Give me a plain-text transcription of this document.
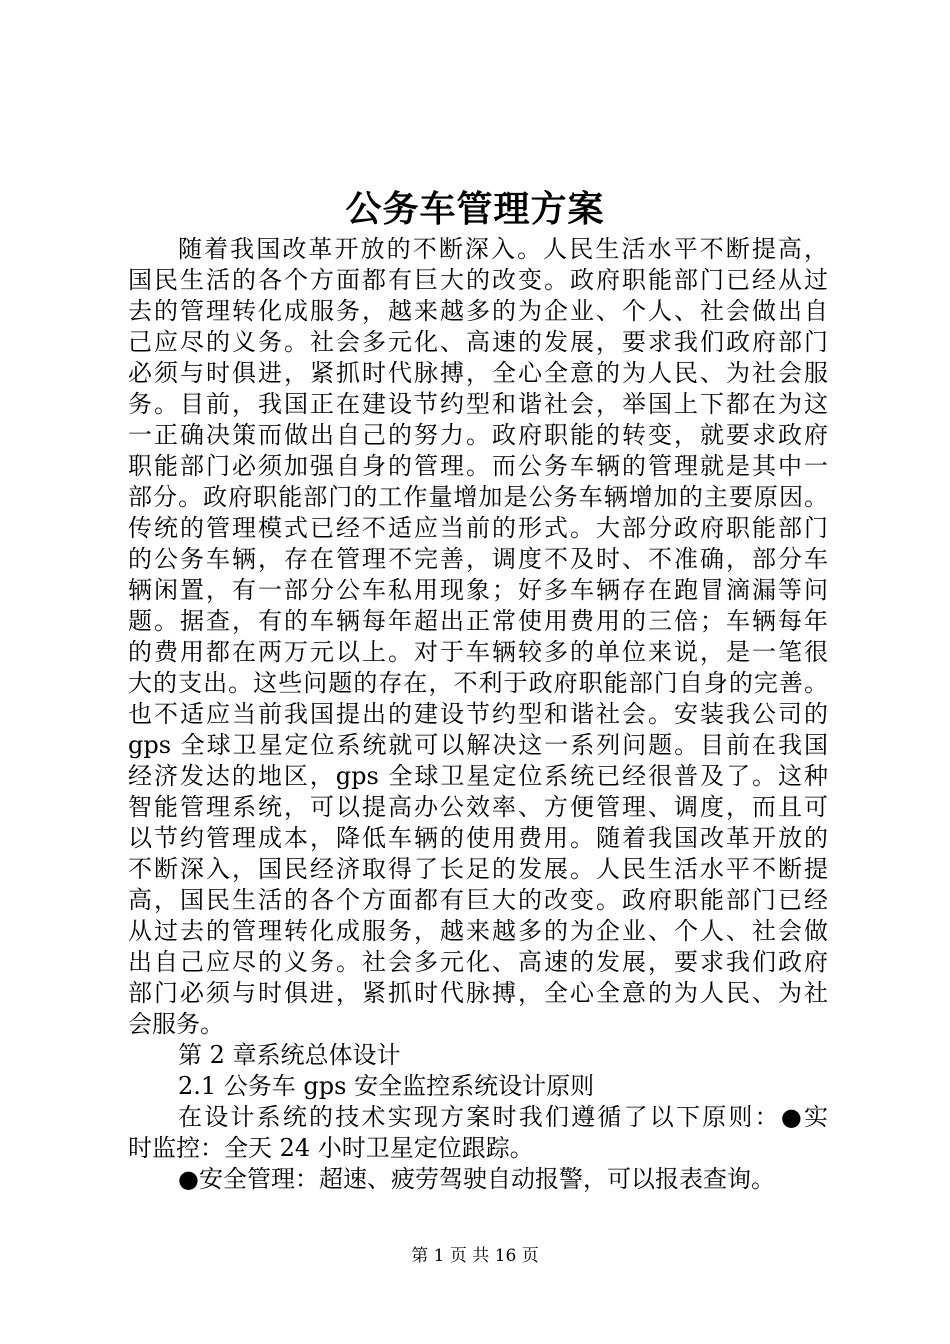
公务车管理方案
随着我国改革开放的不断深入。人民生活水平不断提高，
国民生活的各个方面都有巨大的改变。政府职能部门已经从过
去的管理转化成服务，越来越多的为企业、个人、社会做出自
己应尽的义务。社会多元化、高速的发展，要求我们政府部门
必须与时俱进，紧抓时代脉搏，全心全意的为人民、为社会服
务。目前，我国正在建设节约型和谐社会，举国上下都在为这
一正确决策而做出自己的努力。政府职能的转变，就要求政府
职能部门必须加强自身的管理。而公务车辆的管理就是其中一
部分。政府职能部门的工作量增加是公务车辆增加的主要原因。
传统的管理模式已经不适应当前的形式。大部分政府职能部门
的公务车辆，存在管理不完善，调度不及时、不准确，部分车
辆闲置，有一部分公车私用现象；好多车辆存在跑冒滴漏等问
题。据查，有的车辆每年超出正常使用费用的三倍；车辆每年
的费用都在两万元以上。对于车辆较多的单位来说，是一笔很
大的支出。这些问题的存在，不利于政府职能部门自身的完善。
也不适应当前我国提出的建设节约型和谐社会。安装我公司的
gps 全球卫星定位系统就可以解决这一系列问题。目前在我国
经济发达的地区，gps 全球卫星定位系统已经很普及了。这种
智能管理系统，可以提高办公效率、方便管理、调度，而且可
以节约管理成本，降低车辆的使用费用。随着我国改革开放的
不断深入，国民经济取得了长足的发展。人民生活水平不断提
高，国民生活的各个方面都有巨大的改变。政府职能部门已经
从过去的管理转化成服务，越来越多的为企业、个人、社会做
出自己应尽的义务。社会多元化、高速的发展，要求我们政府
部门必须与时俱进，紧抓时代脉搏，全心全意的为人民、为社
会服务。
第 2 章系统总体设计
2.1 公务车 gps 安全监控系统设计原则
在设计系统的技术实现方案时我们遵循了以下原则：●实
时监控：全天 24 小时卫星定位跟踪。
●安全管理：超速、疲劳驾驶自动报警，可以报表查询。
第 1 页 共 16 页
